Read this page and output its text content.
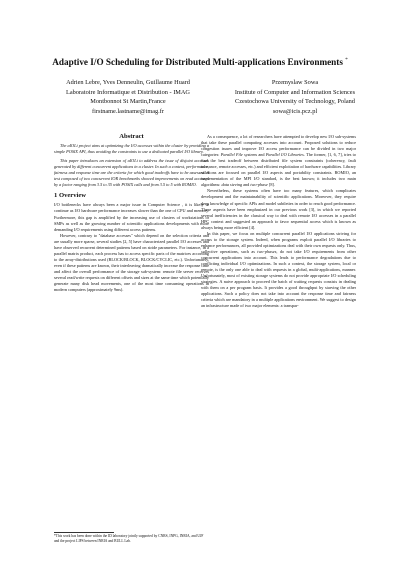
Adaptive I/O Scheduling for Distributed Multi-applications Environments *
Adrien Lebre, Yves Denneulin, Guillaume Huard
Laboratoire Informatique et Distribution - IMAG
Montbonnot St Martin,France
firstname.lastname@imag.fr
Przemyslaw Sowa
Institute of Computer and Information Sciences
Czestochowa University of Technology, Poland
sowa@icis.pcz.pl
Abstract

The aIOLi project aims at optimizing the I/O accesses within the cluster by providing a simple POSIX API, thus avoiding the constraints to use a dedicated parallel I/O library.

This paper introduces an extension of aIOLi to address the issue of disjoint accesses generated by different concurrent applications in a cluster. In such a context, performance, fairness and response time are the criteria for which good tradeoffs have to be assessed. A test composed of two concurrent IOR benchmarks showed improvements on read accesses by a factor ranging from 3.5 to 35 with POSIX calls and from 3.5 to 5 with ROMIO.

1 Overview

I/O bottlenecks have always been a major issue in Computer Science , it is likely to continue as I/O hardware performance increases slower than the one of CPU and memory. Furthermore, this gap is amplified by the increasing use of clusters of workstations or SMPs as well as the growing number of scientific applications developments with more demanding I/O requirements using different access patterns.

However, contrary to "database accesses" which depend on the selection criteria and are usually more sparse, several studies [2, 5] have characterized parallel I/O accesses and have observed recurrent determined patterns based on stride parameters. For instance, in a parallel matrix product, each process has to access specific parts of the matrices according to the array-distributions used (BLOCK/BLOCK, BLOCK/CYCLIC, etc.). Unfortunately, even if these patterns are known, their interleaving dramatically increase the response time and affect the overall performance of the storage sub-system: remote file server receives several read/write requests on different offsets and sizes at the same time which potentially generate many disk head movements, one of the most time consuming operations in modern computers (approximately 9ms).

As a consequence, a lot of researchers have attempted to develop new I/O sub-systems that take these parallel computing accesses into account. Proposed solutions to reduce congestion issues and improve I/O access performance can be divided in two major categories: Parallel File systems and Parallel I/O Libraries. The former, [1, 6, 7], tries to find the best tradeoff between distributed file system constraints (coherency, fault tolerance, remote accesses, etc.) and efficient exploitation of hardware capabilities. Library solutions are focused on parallel I/O aspects and portability constraints. ROMIO, an implementation of the MPI I/O standard, is the best known; it includes two main algorithms: data sieving and two-phase [8].

Nevertheless, these systems often have too many features, which complicates development and the maintainability of scientific applications. Moreover, they require deep knowledge of specific APIs and model subtleties in order to reach good performance. These aspects have been emphasized in our previous work [3], in which we reported several inefficiencies in the classical way to deal with remote I/O accesses in a parallel HPC context and suggested an approach to favor sequential access which is known as always being more efficient [4].

In this paper, we focus on multiple concurrent parallel I/O applications striving for access to the storage system. Indeed, when programs exploit parallel I/O libraries to enhance performances, all provided optimizations deal with their own requests only. Thus, collective operations, such as two-phases, do not take I/O requirements from other concurrent applications into account. This leads to performance degradations due to conflicting individual I/O optimizations. In such a context, the storage system, local or remote, is the only one able to deal with requests in a global, multi-applications, manner. Unfortunately, most of existing storage systems do not provide appropriate I/O scheduling strategies. A naive approach to proceed the batch of waiting requests consists in dealing with them on a per program basis. It provides a good throughput by starving the other applications. Such a policy does not take into account the response time and fairness criteria which are mandatory in a multiple applications environment. We suggest to design an infrastructure made of two major elements: a transpar-

*This work has been done within the ID laboratory jointly supported by CNRS, INPG, INRIA, and UJF and the project LIPS between INRIA and BULL Lab.
